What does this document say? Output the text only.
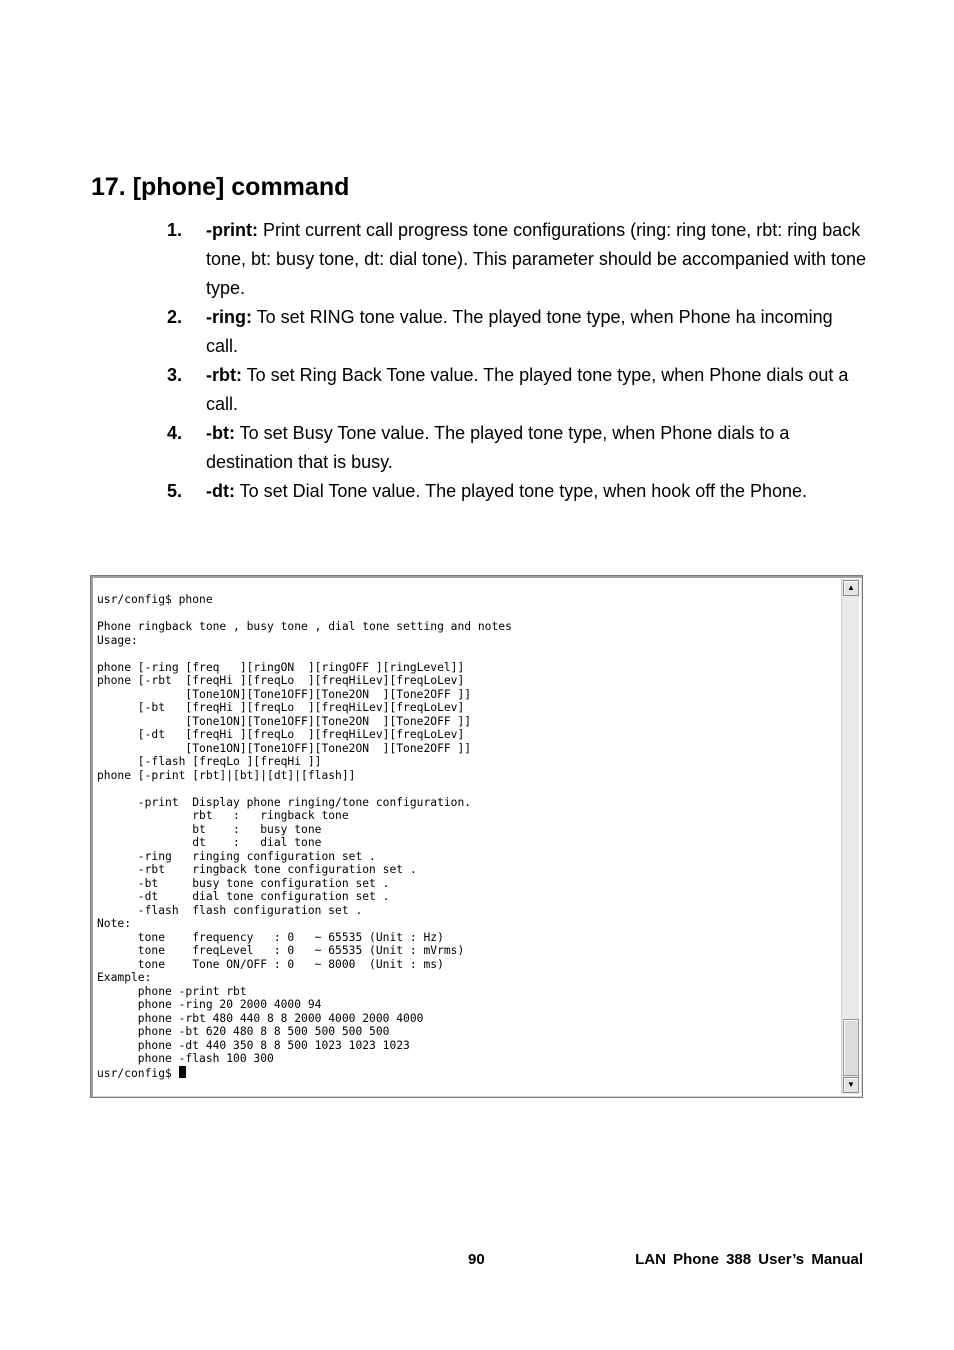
17. [phone] command
1.	-print: Print current call progress tone configurations (ring: ring tone, rbt: ring back tone, bt: busy tone, dt: dial tone). This parameter should be accompanied with tone type.
2.	-ring: To set RING tone value. The played tone type, when Phone ha incoming call.
3.	-rbt: To set Ring Back Tone value. The played tone type, when Phone dials out a call.
4.	-bt: To set Busy Tone value. The played tone type, when Phone dials to a destination that is busy.
5.	-dt: To set Dial Tone value. The played tone type, when hook off the Phone.
usr/config$ phone

Phone ringback tone , busy tone , dial tone setting and notes
Usage:

phone [-ring [freq   ][ringON  ][ringOFF ][ringLevel]]
phone [-rbt  [freqHi ][freqLo  ][freqHiLev][freqLoLev]
[Tone1ON][Tone1OFF][Tone2ON  ][Tone2OFF ]]
[-bt   [freqHi ][freqLo  ][freqHiLev][freqLoLev]
[Tone1ON][Tone1OFF][Tone2ON  ][Tone2OFF ]]
[-dt   [freqHi ][freqLo  ][freqHiLev][freqLoLev]
[Tone1ON][Tone1OFF][Tone2ON  ][Tone2OFF ]]
[-flash [freqLo ][freqHi ]]
phone [-print [rbt]|[bt]|[dt]|[flash]]

-print  Display phone ringing/tone configuration.
rbt   :   ringback tone
bt    :   busy tone
dt    :   dial tone
-ring   ringing configuration set .
-rbt    ringback tone configuration set .
-bt     busy tone configuration set .
-dt     dial tone configuration set .
-flash  flash configuration set .
Note:
tone    frequency   : 0   ~ 65535 (Unit : Hz)
tone    freqLevel   : 0   ~ 65535 (Unit : mVrms)
tone    Tone ON/OFF : 0   ~ 8000  (Unit : ms)
Example:
phone -print rbt
phone -ring 20 2000 4000 94
phone -rbt 480 440 8 8 2000 4000 2000 4000
phone -bt 620 480 8 8 500 500 500 500
phone -dt 440 350 8 8 500 1023 1023 1023
phone -flash 100 300
usr/config$
▲
▼
90	LAN Phone 388 User’s Manual
